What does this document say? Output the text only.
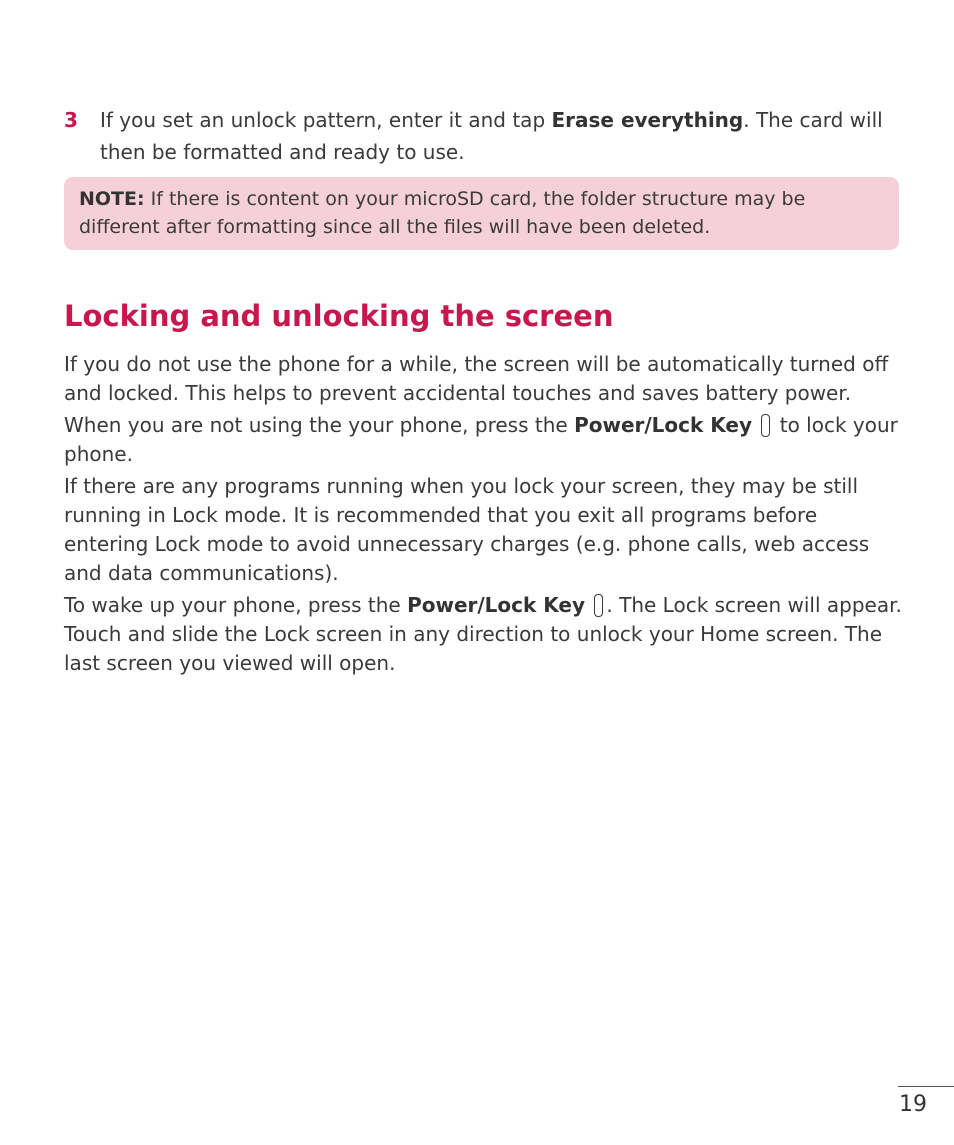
3 If you set an unlock pattern, enter it and tap Erase everything. The card will then be formatted and ready to use.
NOTE: If there is content on your microSD card, the folder structure may be different after formatting since all the files will have been deleted.
Locking and unlocking the screen

If you do not use the phone for a while, the screen will be automatically turned off and locked. This helps to prevent accidental touches and saves battery power.

When you are not using the your phone, press the Power/Lock Key  to lock your phone.

If there are any programs running when you lock your screen, they may be still running in Lock mode. It is recommended that you exit all programs before entering Lock mode to avoid unnecessary charges (e.g. phone calls, web access and data communications).

To wake up your phone, press the Power/Lock Key . The Lock screen will appear. Touch and slide the Lock screen in any direction to unlock your Home screen. The last screen you viewed will open.

19
